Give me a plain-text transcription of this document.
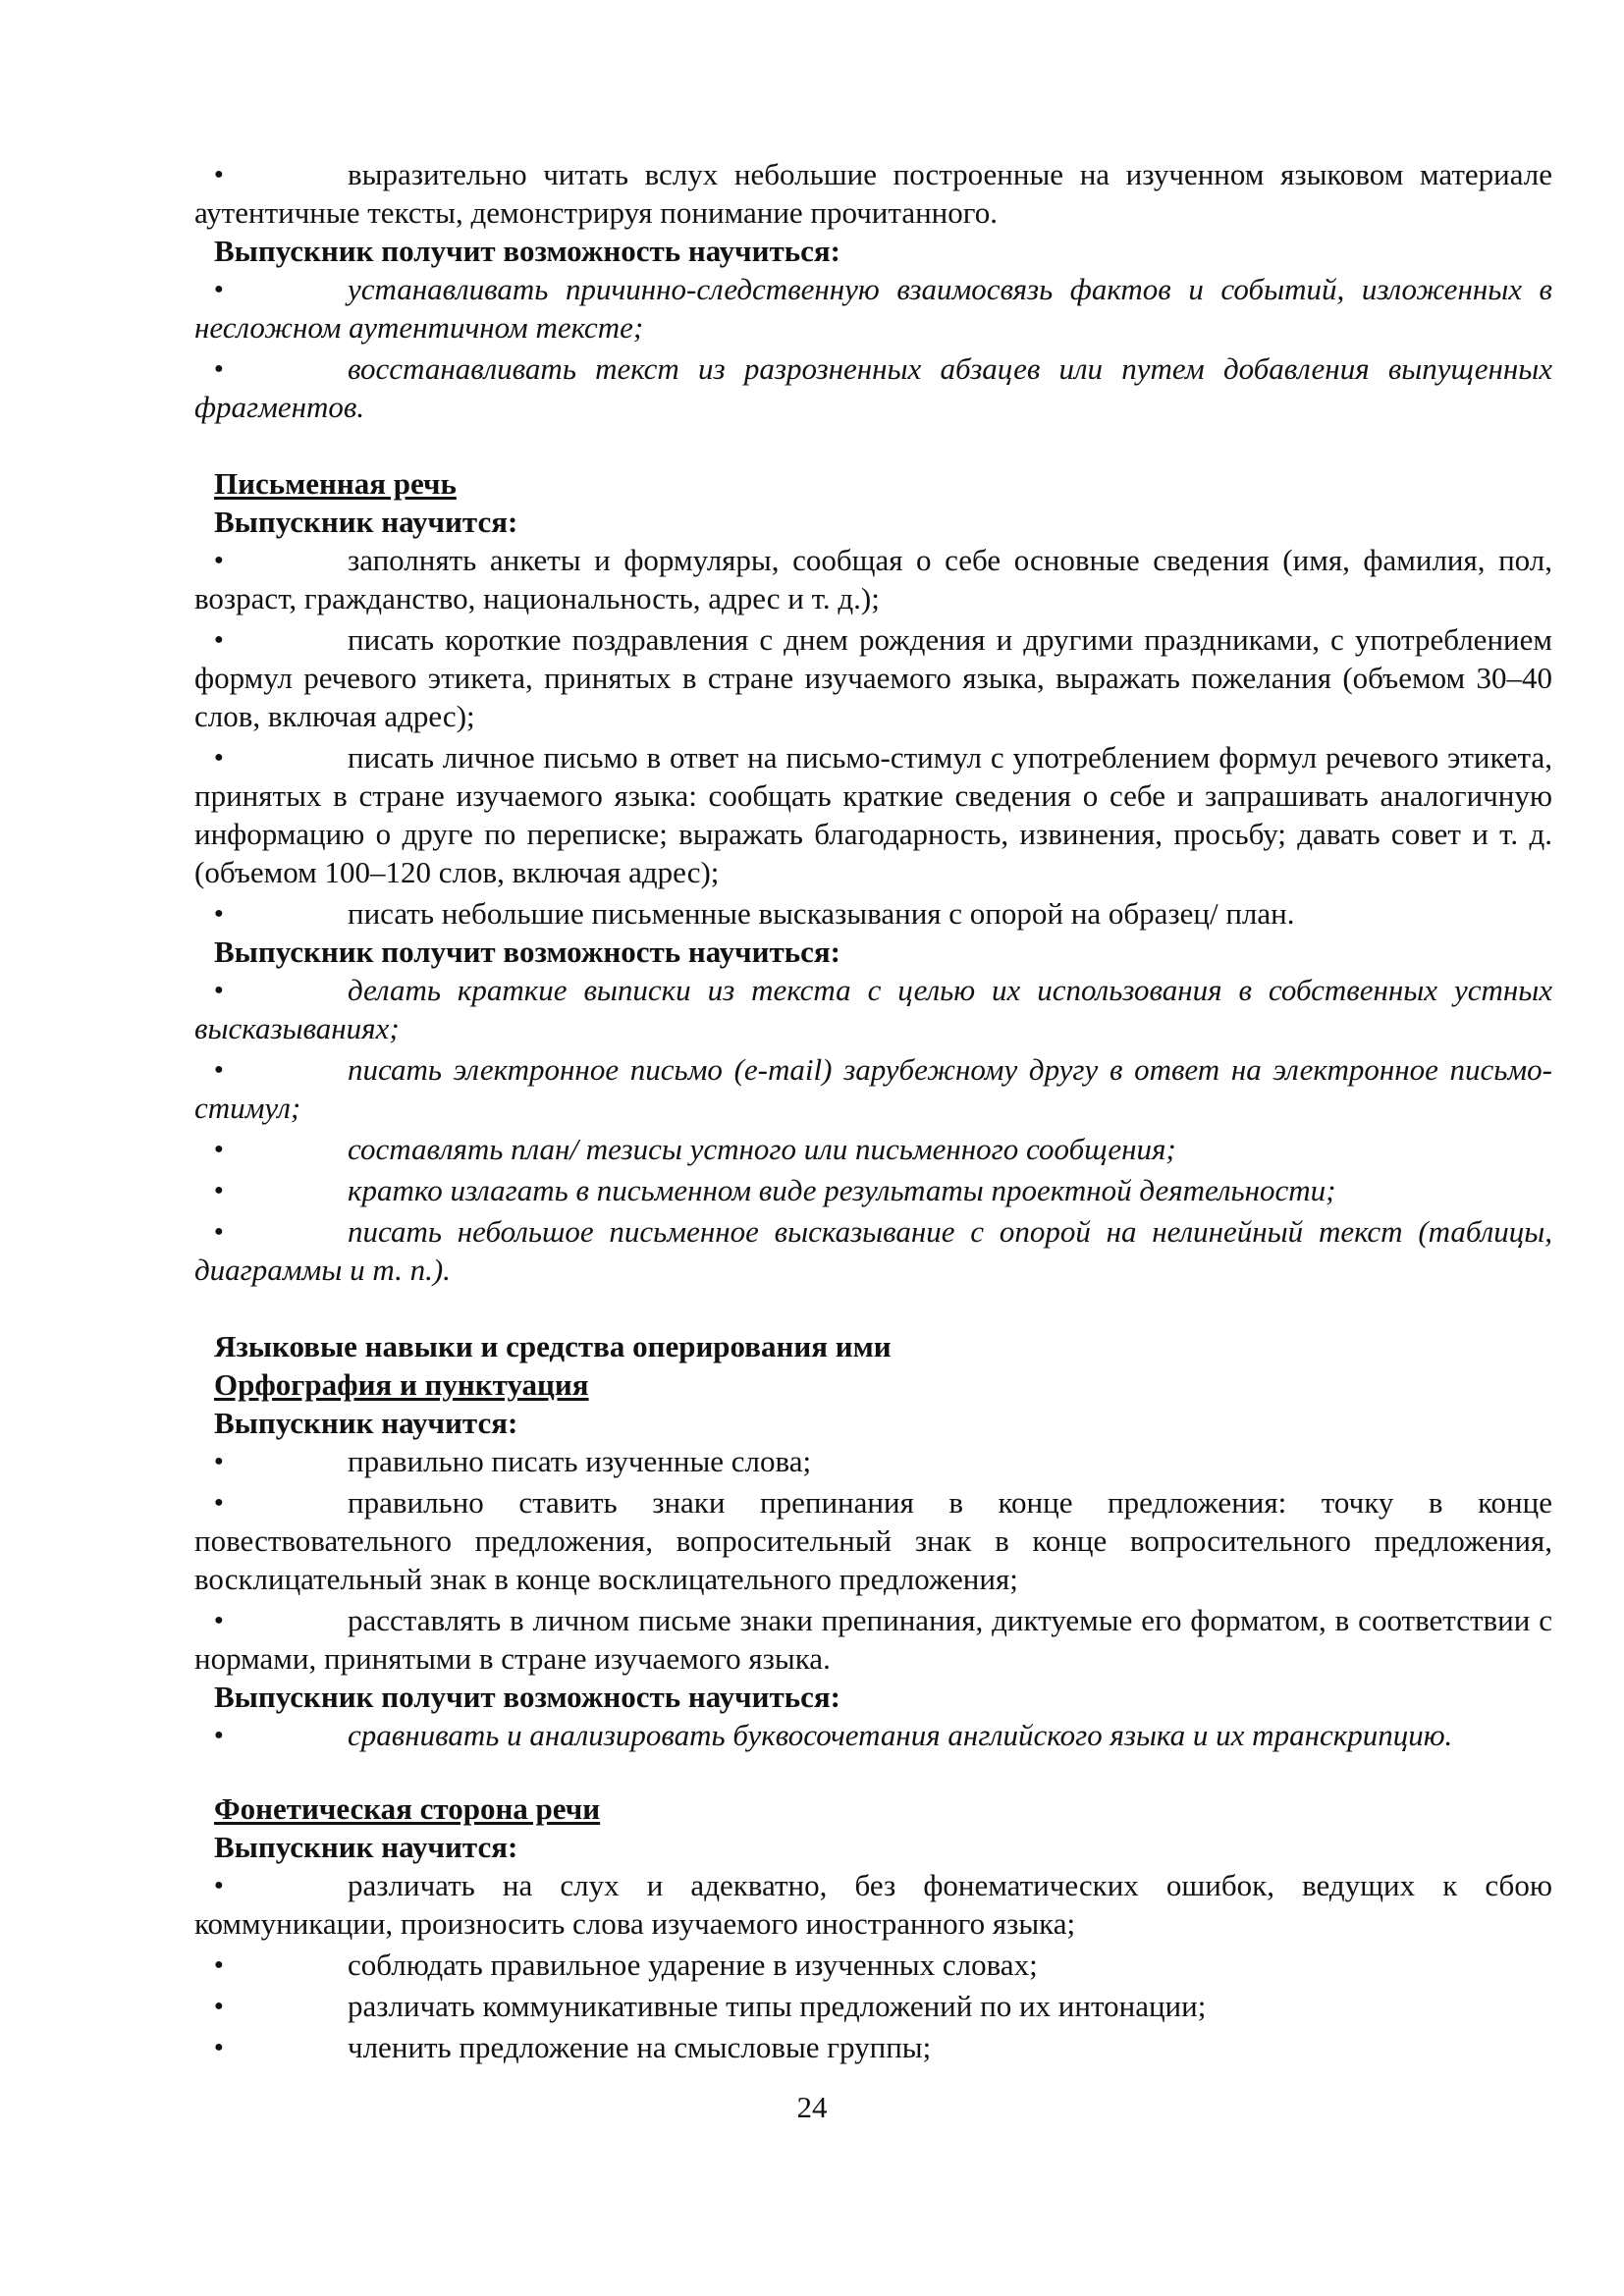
● выразительно читать вслух небольшие построенные на изученном языковом материале аутентичные тексты, демонстрируя понимание прочитанного.

Выпускник получит возможность научиться:

● устанавливать причинно-следственную взаимосвязь фактов и событий, изложенных в несложном аутентичном тексте;

● восстанавливать текст из разрозненных абзацев или путем добавления выпущенных фрагментов.

Письменная речь

Выпускник научится:

● заполнять анкеты и формуляры, сообщая о себе основные сведения (имя, фамилия, пол, возраст, гражданство, национальность, адрес и т. д.);

● писать короткие поздравления с днем рождения и другими праздниками, с употреблением формул речевого этикета, принятых в стране изучаемого языка, выражать пожелания (объемом 30–40 слов, включая адрес);

● писать личное письмо в ответ на письмо-стимул с употреблением формул речевого этикета, принятых в стране изучаемого языка: сообщать краткие сведения о себе и запрашивать аналогичную информацию о друге по переписке; выражать благодарность, извинения, просьбу; давать совет и т. д. (объемом 100–120 слов, включая адрес);

● писать небольшие письменные высказывания с опорой на образец/ план.

Выпускник получит возможность научиться:

● делать краткие выписки из текста с целью их использования в собственных устных высказываниях;

● писать электронное письмо (e-mail) зарубежному другу в ответ на электронное письмо-стимул;

● составлять план/ тезисы устного или письменного сообщения;

● кратко излагать в письменном виде результаты проектной деятельности;

● писать небольшое письменное высказывание с опорой на нелинейный текст (таблицы, диаграммы и т. п.).

Языковые навыки и средства оперирования ими

Орфография и пунктуация

Выпускник научится:

● правильно писать изученные слова;

● правильно ставить знаки препинания в конце предложения: точку в конце повествовательного предложения, вопросительный знак в конце вопросительного предложения, восклицательный знак в конце восклицательного предложения;

● расставлять в личном письме знаки препинания, диктуемые его форматом, в соответствии с нормами, принятыми в стране изучаемого языка.

Выпускник получит возможность научиться:

● сравнивать и анализировать буквосочетания английского языка и их транскрипцию.

Фонетическая сторона речи

Выпускник научится:

● различать на слух и адекватно, без фонематических ошибок, ведущих к сбою коммуникации, произносить слова изучаемого иностранного языка;

● соблюдать правильное ударение в изученных словах;

● различать коммуникативные типы предложений по их интонации;

● членить предложение на смысловые группы;

24
